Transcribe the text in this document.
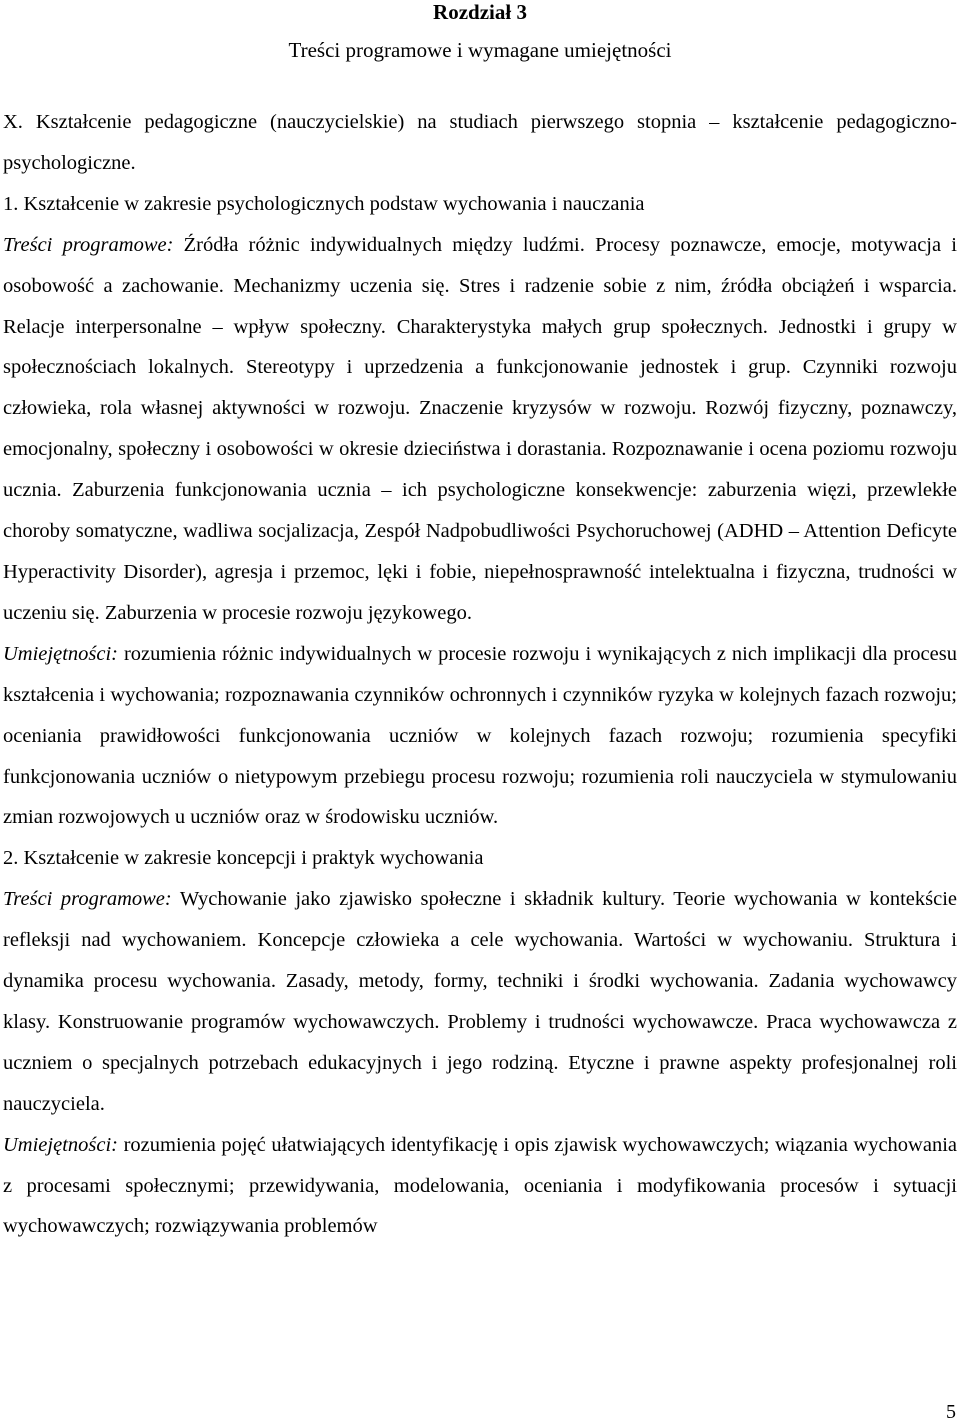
Rozdział 3
Treści programowe i wymagane umiejętności

X. Kształcenie pedagogiczne (nauczycielskie) na studiach pierwszego stopnia – kształcenie pedagogiczno-psychologiczne.

1. Kształcenie w zakresie psychologicznych podstaw wychowania i nauczania

Treści programowe: Źródła różnic indywidualnych między ludźmi. Procesy poznawcze, emocje, motywacja i osobowość a zachowanie. Mechanizmy uczenia się. Stres i radzenie sobie z nim, źródła obciążeń i wsparcia. Relacje interpersonalne – wpływ społeczny. Charakterystyka małych grup społecznych. Jednostki i grupy w społecznościach lokalnych. Stereotypy i uprzedzenia a funkcjonowanie jednostek i grup. Czynniki rozwoju człowieka, rola własnej aktywności w rozwoju. Znaczenie kryzysów w rozwoju. Rozwój fizyczny, poznawczy, emocjonalny, społeczny i osobowości w okresie dzieciństwa i dorastania. Rozpoznawanie i ocena poziomu rozwoju ucznia. Zaburzenia funkcjonowania ucznia – ich psychologiczne konsekwencje: zaburzenia więzi, przewlekłe choroby somatyczne, wadliwa socjalizacja, Zespół Nadpobudliwości Psychoruchowej (ADHD – Attention Deficyte Hyperactivity Disorder), agresja i przemoc, lęki i fobie, niepełnosprawność intelektualna i fizyczna, trudności w uczeniu się. Zaburzenia w procesie rozwoju językowego.

Umiejętności: rozumienia różnic indywidualnych w procesie rozwoju i wynikających z nich implikacji dla procesu kształcenia i wychowania; rozpoznawania czynników ochronnych i czynników ryzyka w kolejnych fazach rozwoju; oceniania prawidłowości funkcjonowania uczniów w kolejnych fazach rozwoju; rozumienia specyfiki funkcjonowania uczniów o nietypowym przebiegu procesu rozwoju; rozumienia roli nauczyciela w stymulowaniu zmian rozwojowych u uczniów oraz w środowisku uczniów.

2. Kształcenie w zakresie koncepcji i praktyk wychowania

Treści programowe: Wychowanie jako zjawisko społeczne i składnik kultury. Teorie wychowania w kontekście refleksji nad wychowaniem. Koncepcje człowieka a cele wychowania. Wartości w wychowaniu. Struktura i dynamika procesu wychowania. Zasady, metody, formy, techniki i środki wychowania. Zadania wychowawcy klasy. Konstruowanie programów wychowawczych. Problemy i trudności wychowawcze. Praca wychowawcza z uczniem o specjalnych potrzebach edukacyjnych i jego rodziną. Etyczne i prawne aspekty profesjonalnej roli nauczyciela.

Umiejętności: rozumienia pojęć ułatwiających identyfikację i opis zjawisk wychowawczych; wiązania wychowania z procesami społecznymi; przewidywania, modelowania, oceniania i modyfikowania procesów i sytuacji wychowawczych; rozwiązywania problemów

5
